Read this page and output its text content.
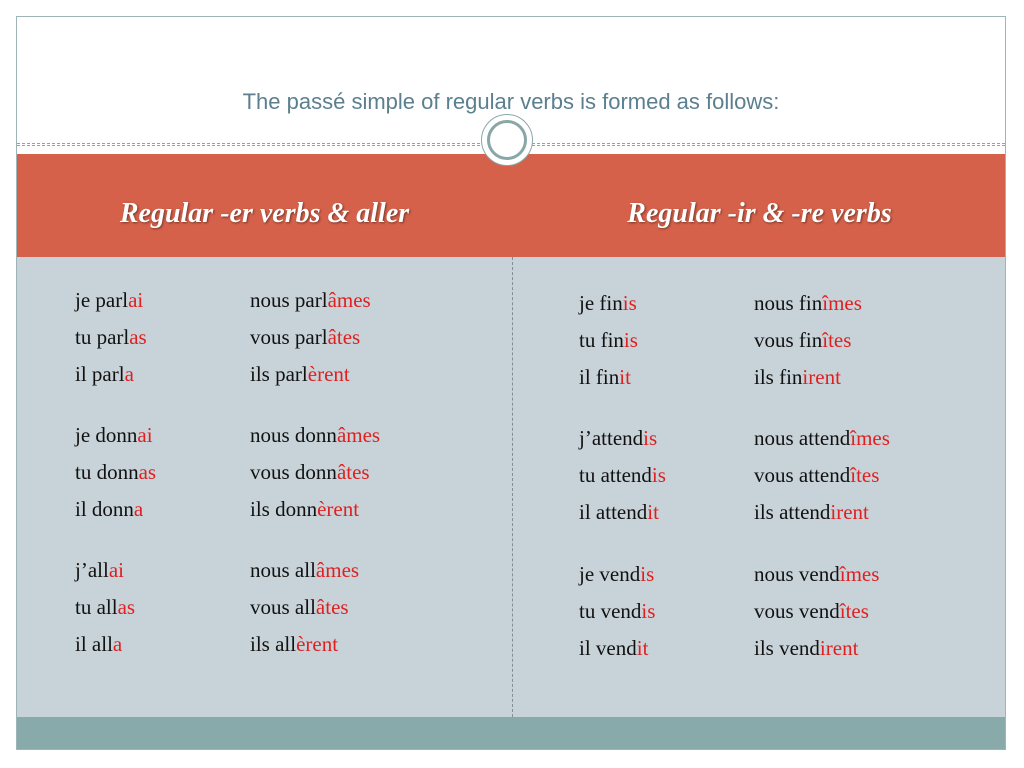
The passé simple of regular verbs is formed as follows:
Regular -er verbs & aller	Regular -ir & -re verbs
je parlai	nous parlâmes
tu parlas	vous parlâtes
il parla	ils parlèrent
je donnai	nous donnâmes
tu donnas	vous donnâtes
il donna	ils donnèrent
j’allai	nous allâmes
tu allas	vous allâtes
il alla	ils allèrent
je finis	nous finîmes
tu finis	vous finîtes
il finit	ils finirent
j’attendis	nous attendîmes
tu attendis	vous attendîtes
il attendit	ils attendirent
je vendis	nous vendîmes
tu vendis	vous vendîtes
il vendit	ils vendirent
